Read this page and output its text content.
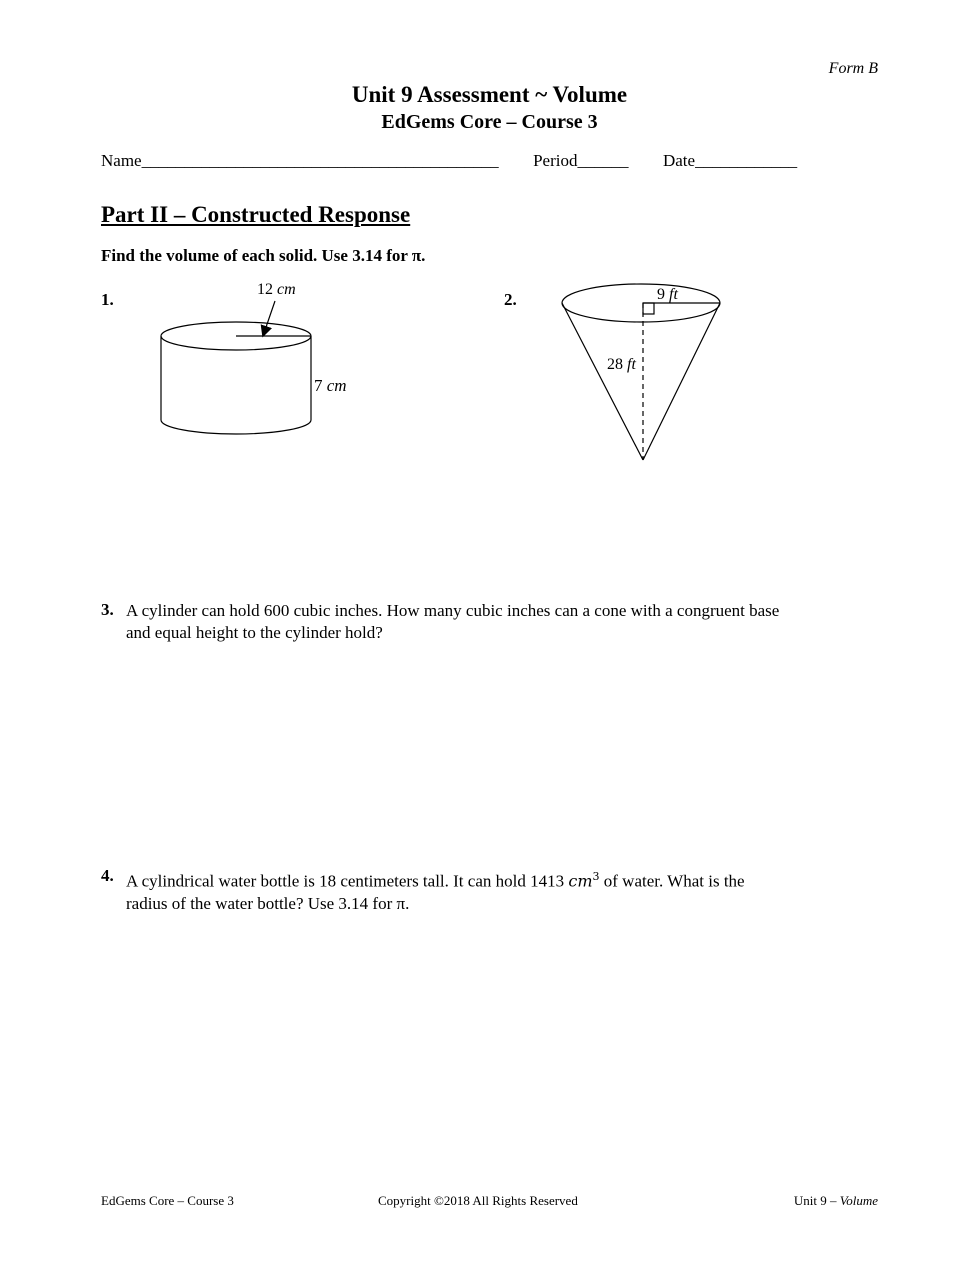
Form B
Unit 9 Assessment ~ Volume
EdGems Core – Course 3
Name__________________________________________ Period______ Date____________
Part II – Constructed Response
Find the volume of each solid. Use 3.14 for π.
1.
12 cm
7 cm
2.	9 ft
28 ft
3. A cylinder can hold 600 cubic inches. How many cubic inches can a cone with a congruent base
and equal height to the cylinder hold?
4. A cylindrical water bottle is 18 centimeters tall. It can hold 1413 $cm^3$ of water. What is the
radius of the water bottle? Use 3.14 for π.
EdGems Core – Course 3	Copyright ©2018 All Rights Reserved	Unit 9 – Volume
